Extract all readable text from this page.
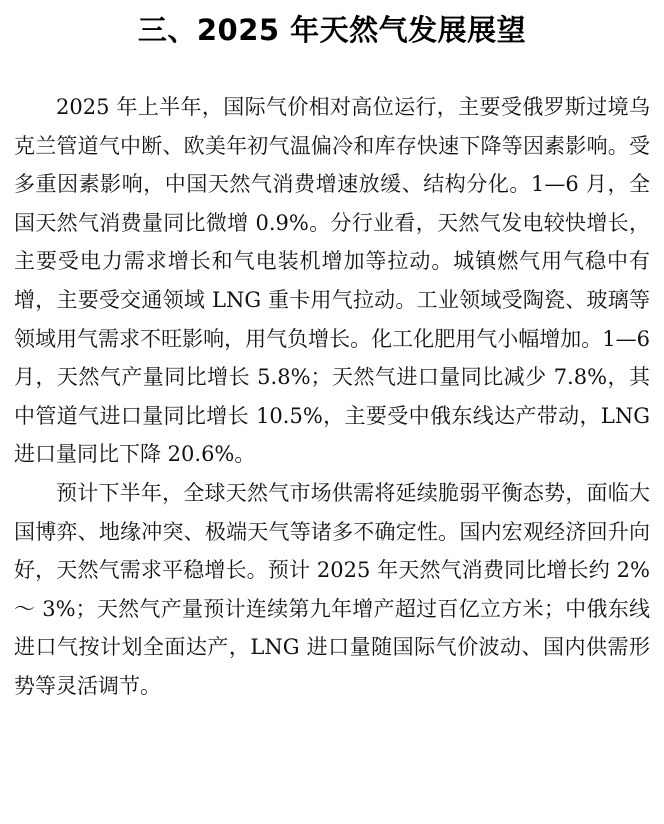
三、2025 年天然气发展展望

2025 年上半年，国际气价相对高位运行，主要受俄罗斯过境乌克兰管道气中断、欧美年初气温偏冷和库存快速下降等因素影响。受多重因素影响，中国天然气消费增速放缓、结构分化。1—6 月，全国天然气消费量同比微增 0.9%。分行业看，天然气发电较快增长，主要受电力需求增长和气电装机增加等拉动。城镇燃气用气稳中有增，主要受交通领域 LNG 重卡用气拉动。工业领域受陶瓷、玻璃等领域用气需求不旺影响，用气负增长。化工化肥用气小幅增加。1—6 月，天然气产量同比增长 5.8%；天然气进口量同比减少 7.8%，其中管道气进口量同比增长 10.5%，主要受中俄东线达产带动，LNG 进口量同比下降 20.6%。

预计下半年，全球天然气市场供需将延续脆弱平衡态势，面临大国博弈、地缘冲突、极端天气等诸多不确定性。国内宏观经济回升向好，天然气需求平稳增长。预计 2025 年天然气消费同比增长约 2% ～ 3%；天然气产量预计连续第九年增产超过百亿立方米；中俄东线进口气按计划全面达产，LNG 进口量随国际气价波动、国内供需形势等灵活调节。
